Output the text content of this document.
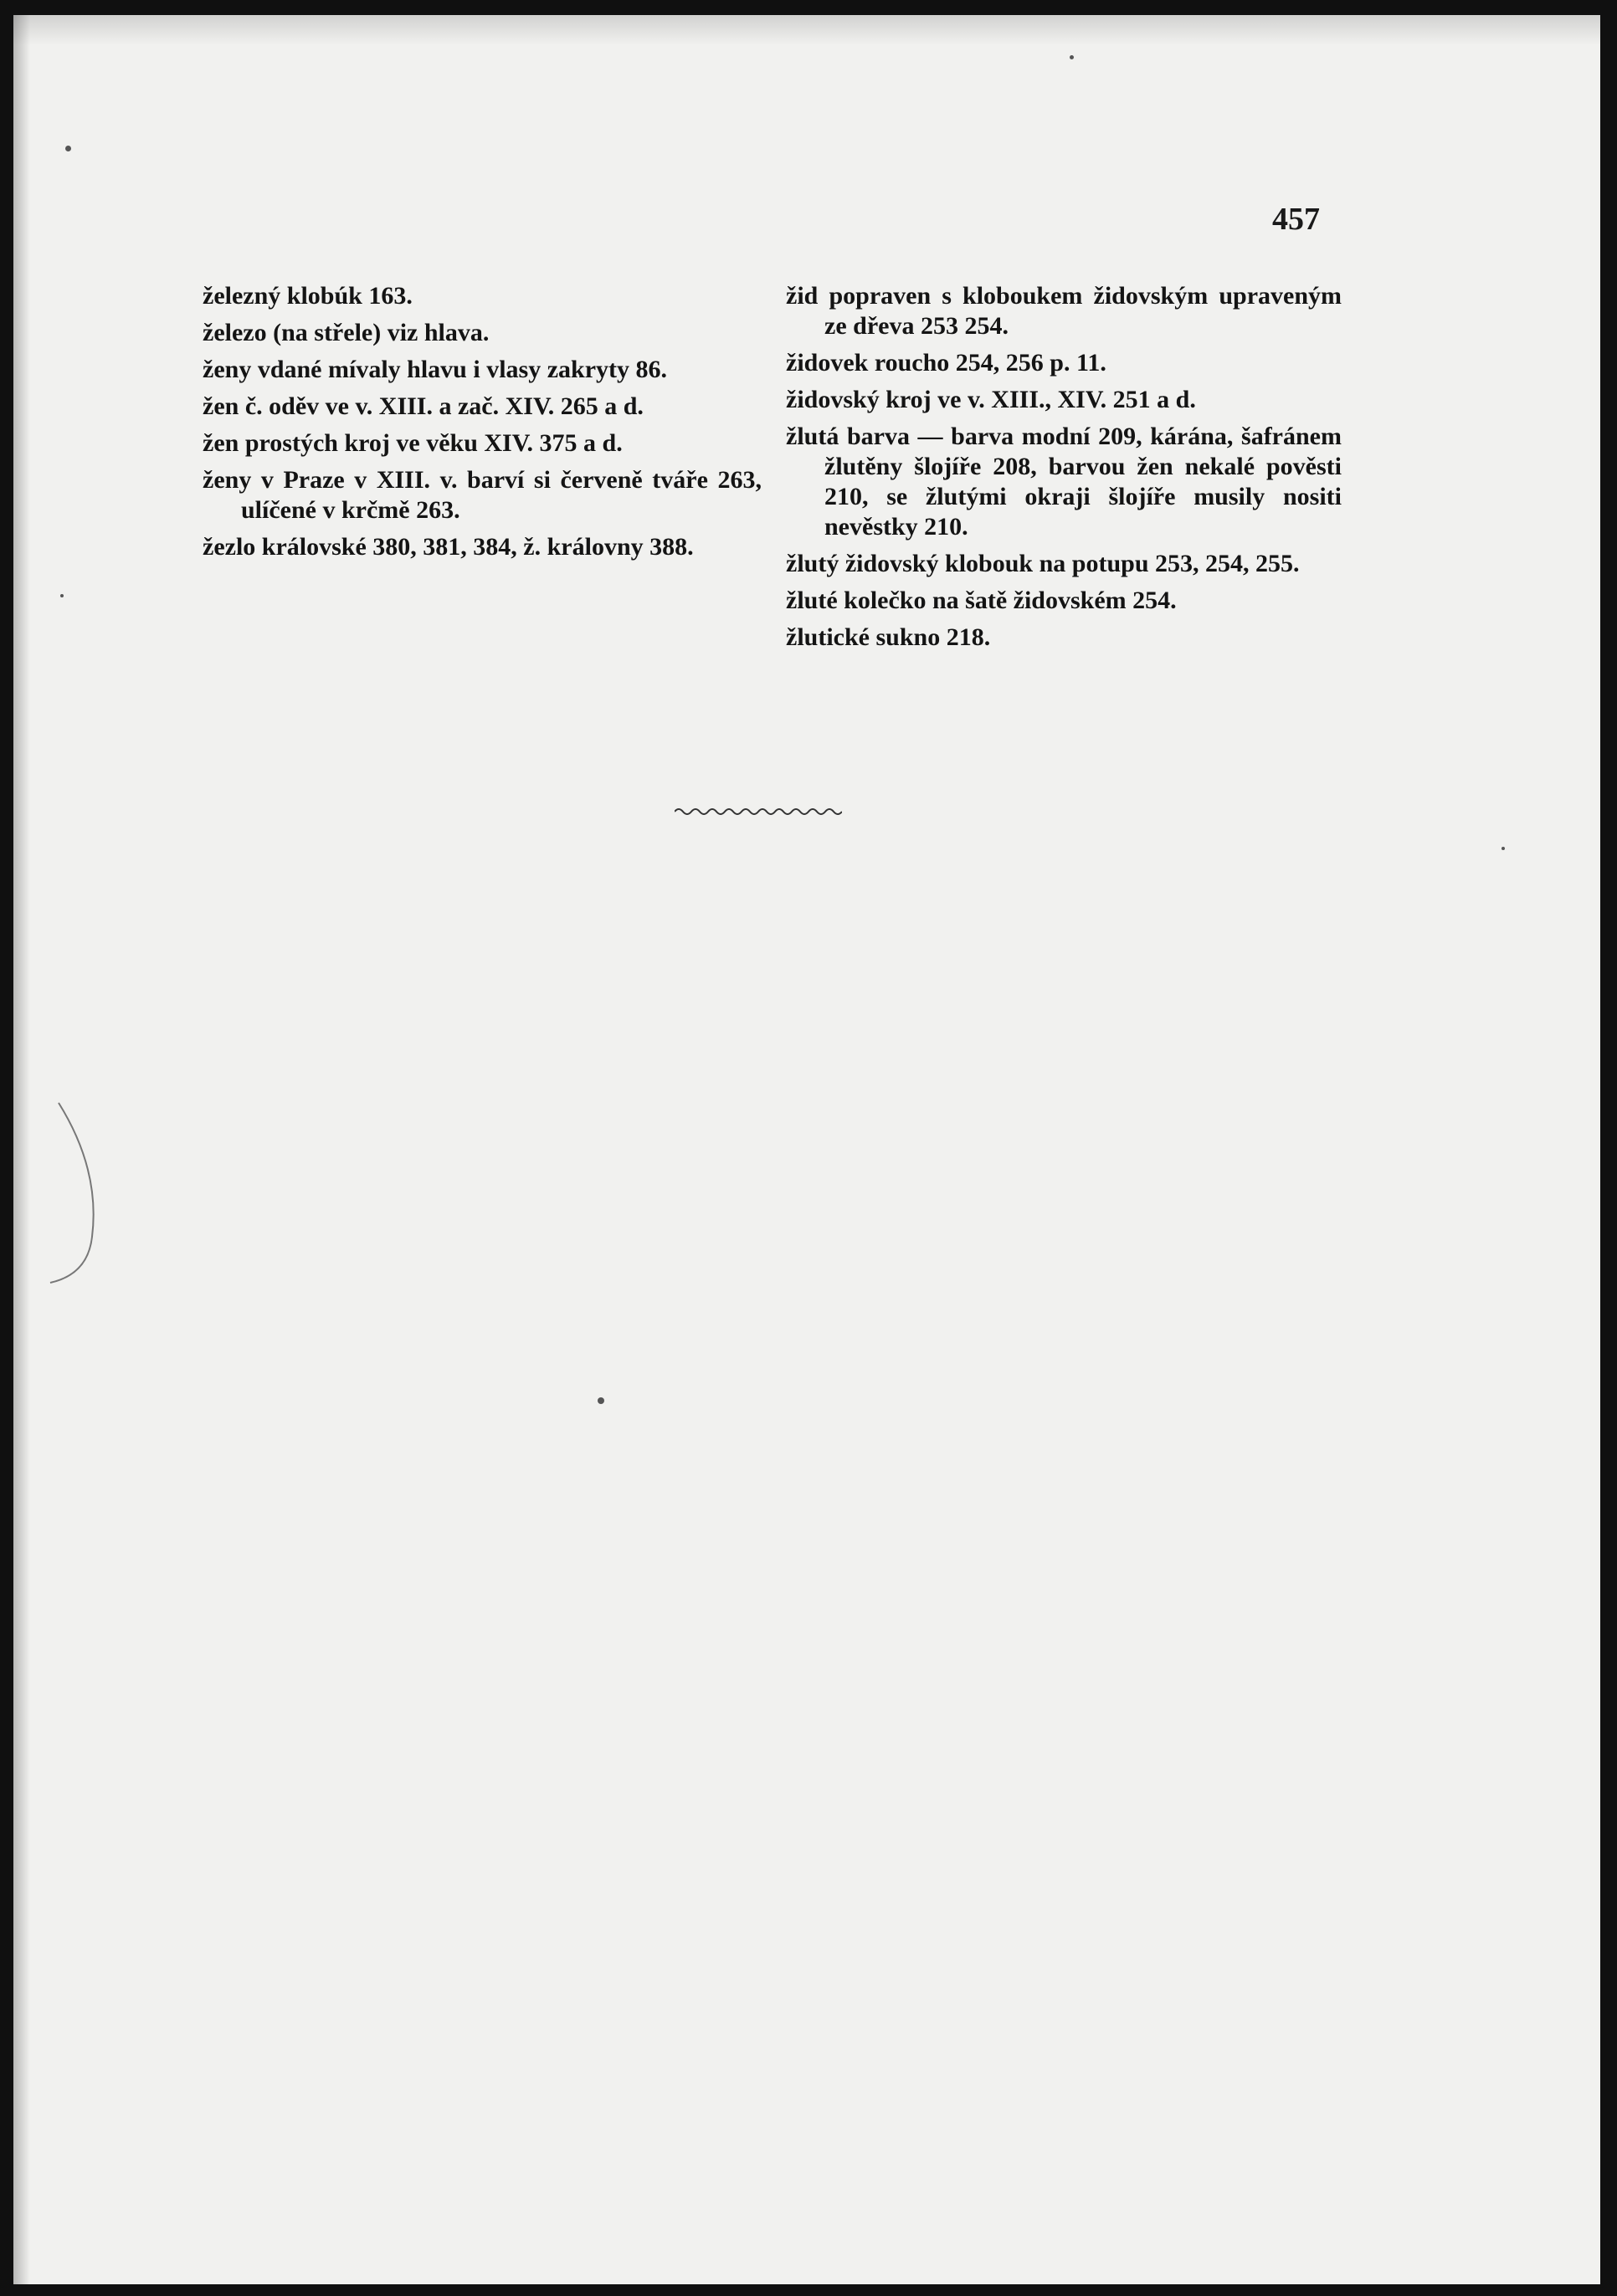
457

železný klobúk 163.

železo (na střele) viz hlava.

ženy vdané mívaly hlavu i vlasy zakryty 86.

žen č. oděv ve v. XIII. a zač. XIV. 265 a d.

žen prostých kroj ve věku XIV. 375 a d.

ženy v Praze v XIII. v. barví si červeně tváře 263, ulíčené v krčmě 263.

žezlo královské 380, 381, 384, ž. královny 388.

žid popraven s kloboukem židovským upraveným ze dřeva 253 254.

židovek roucho 254, 256 p. 11.

židovský kroj ve v. XIII., XIV. 251 a d.

žlutá barva — barva modní 209, kárána, šafránem žlutěny šlojíře 208, barvou žen nekalé pověsti 210, se žlutými okraji šlojíře musily nositi nevěstky 210.

žlutý židovský klobouk na potupu 253, 254, 255.

žluté kolečko na šatě židovském 254.

žlutické sukno 218.
